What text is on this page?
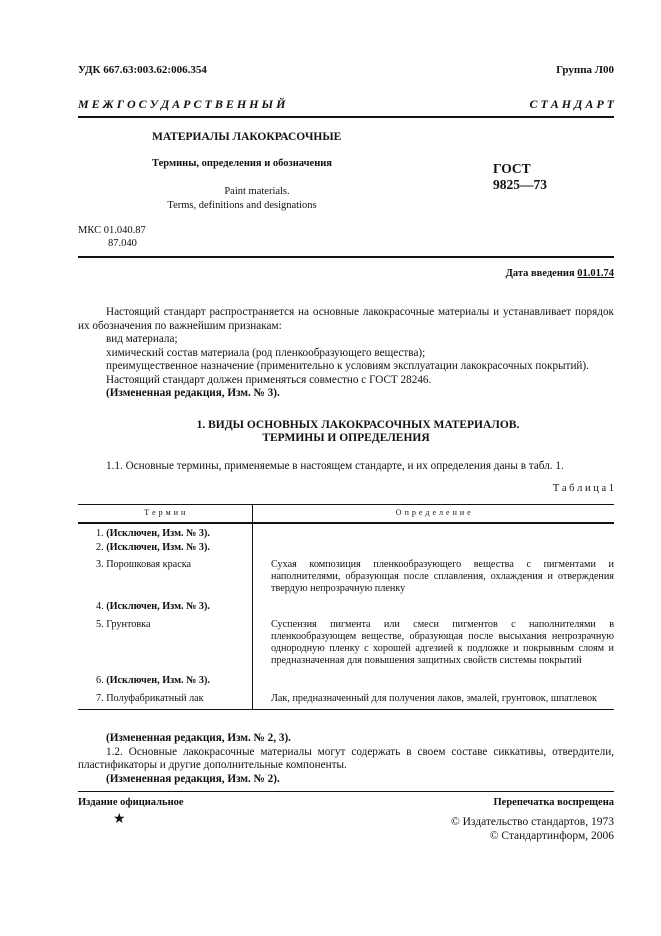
УДК 667.63:003.62:006.354	Группа Л00
М Е Ж Г О С У Д А Р С Т В Е Н Н Ы Й	С Т А Н Д А Р Т
МАТЕРИАЛЫ ЛАКОКРАСОЧНЫЕ
Термины, определения и обозначения
Paint materials.
Terms, definitions and designations
ГОСТ
9825—73
МКС 01.040.87
87.040
Дата введения 01.01.74
Настоящий стандарт распространяется на основные лакокрасочные материалы и устанавливает порядок их обозначения по важнейшим признакам:
вид материала;
химический состав материала (род пленкообразующего вещества);
преимущественное назначение (применительно к условиям эксплуатации лакокрасочных покрытий).
Настоящий стандарт должен применяться совместно с ГОСТ 28246.
(Измененная редакция, Изм. № 3).
1. ВИДЫ ОСНОВНЫХ ЛАКОКРАСОЧНЫХ МАТЕРИАЛОВ.
ТЕРМИНЫ И ОПРЕДЕЛЕНИЯ
1.1. Основные термины, применяемые в настоящем стандарте, и их определения даны в табл. 1.
Т а б л и ц а 1
Т е р м и н	О п р е д е л е н и е
1. (Исключен, Изм. № 3).	
2. (Исключен, Изм. № 3).	
3. Порошковая краска	Сухая композиция пленкообразующего вещества с пигментами и наполнителями, образующая после сплавления, охлаждения и отверждения твердую непрозрачную пленку
4. (Исключен, Изм. № 3).	
5. Грунтовка	Суспензия пигмента или смеси пигментов с наполнителями в пленкообразующем веществе, образующая после высыхания непрозрачную однородную пленку с хорошей адгезией к подложке и покрывным слоям и предназначенная для повышения защитных свойств системы покрытий
6. (Исключен, Изм. № 3).	
7. Полуфабрикатный лак	Лак, предназначенный для получения лаков, эмалей, грунтовок, шпатлевок
(Измененная редакция, Изм. № 2, 3).
1.2. Основные лакокрасочные материалы могут содержать в своем составе сиккативы, отвердители, пластификаторы и другие дополнительные компоненты.
(Измененная редакция, Изм. № 2).
Издание официальное	Перепечатка воспрещена
★	© Издательство стандартов, 1973
© Стандартинформ, 2006
